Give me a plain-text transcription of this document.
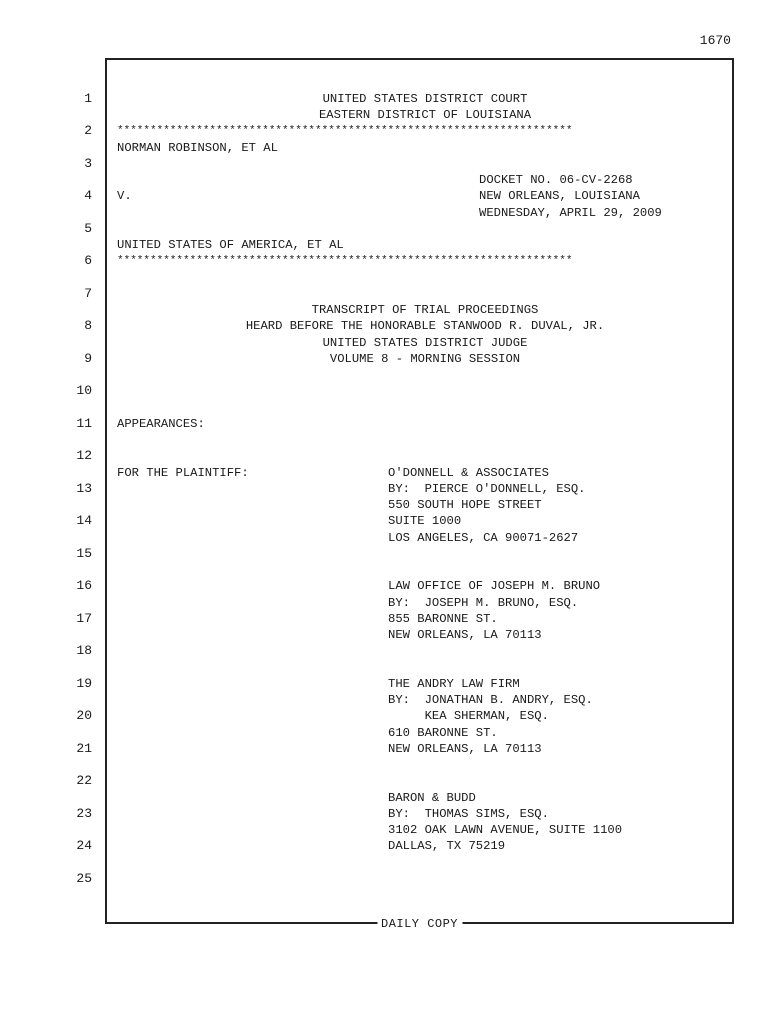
1670
DAILY COPY
1
2
3
4
5
6
7
8
9
10
11
12
13
14
15
16
17
18
19
20
21
22
23
24
25
UNITED STATES DISTRICT COURT
EASTERN DISTRICT OF LOUISIANA
*********************************************************************
NORMAN ROBINSON, ET AL
DOCKET NO. 06-CV-2268
V.	NEW ORLEANS, LOUISIANA
WEDNESDAY, APRIL 29, 2009
UNITED STATES OF AMERICA, ET AL
*********************************************************************
TRANSCRIPT OF TRIAL PROCEEDINGS
HEARD BEFORE THE HONORABLE STANWOOD R. DUVAL, JR.
UNITED STATES DISTRICT JUDGE
VOLUME 8 - MORNING SESSION
APPEARANCES:
FOR THE PLAINTIFF:	O'DONNELL & ASSOCIATES
BY:  PIERCE O'DONNELL, ESQ.
550 SOUTH HOPE STREET
SUITE 1000
LOS ANGELES, CA 90071-2627
LAW OFFICE OF JOSEPH M. BRUNO
BY:  JOSEPH M. BRUNO, ESQ.
855 BARONNE ST.
NEW ORLEANS, LA 70113
THE ANDRY LAW FIRM
BY:  JONATHAN B. ANDRY, ESQ.
KEA SHERMAN, ESQ.
610 BARONNE ST.
NEW ORLEANS, LA 70113
BARON & BUDD
BY:  THOMAS SIMS, ESQ.
3102 OAK LAWN AVENUE, SUITE 1100
DALLAS, TX 75219
